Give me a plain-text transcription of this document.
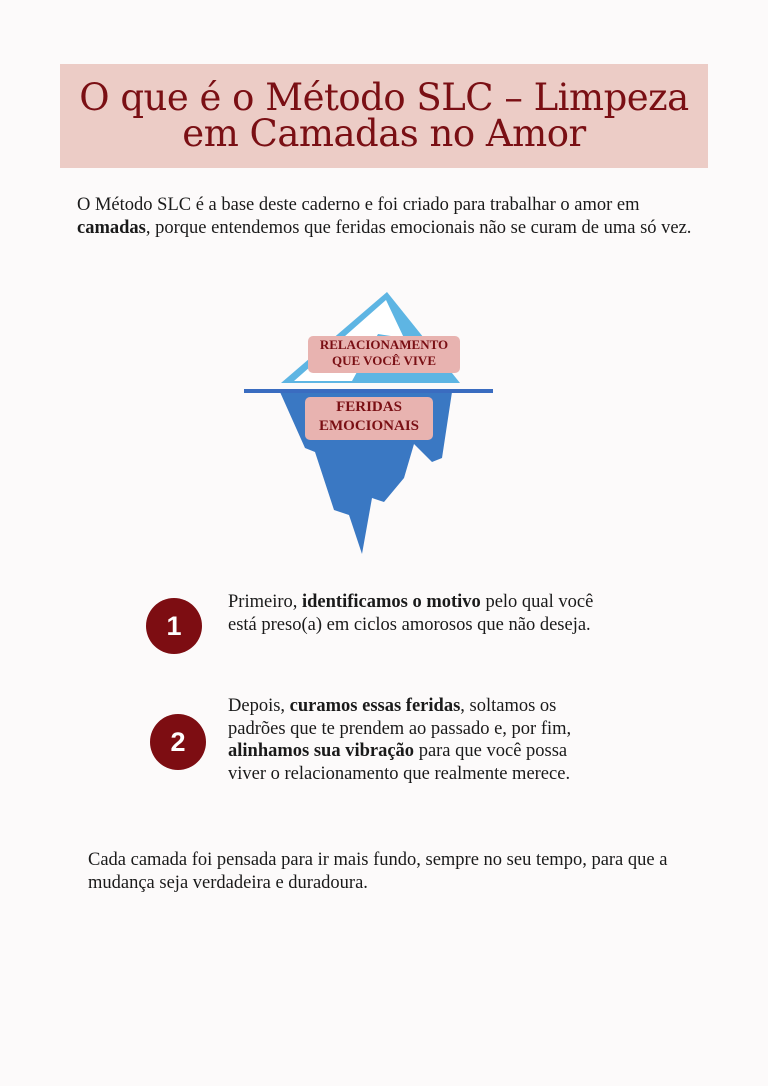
O que é o Método SLC – Limpeza
em Camadas no Amor

O Método SLC é a base deste caderno e foi criado para trabalhar o amor em camadas, porque entendemos que feridas emocionais não se curam de uma só vez.

RELACIONAMENTO
QUE VOCÊ VIVE
FERIDAS
EMOCIONAIS
1

Primeiro, identificamos o motivo pelo qual você está preso(a) em ciclos amorosos que não deseja.

2

Depois, curamos essas feridas, soltamos os padrões que te prendem ao passado e, por fim, alinhamos sua vibração para que você possa viver o relacionamento que realmente merece.

Cada camada foi pensada para ir mais fundo, sempre no seu tempo, para que a mudança seja verdadeira e duradoura.
